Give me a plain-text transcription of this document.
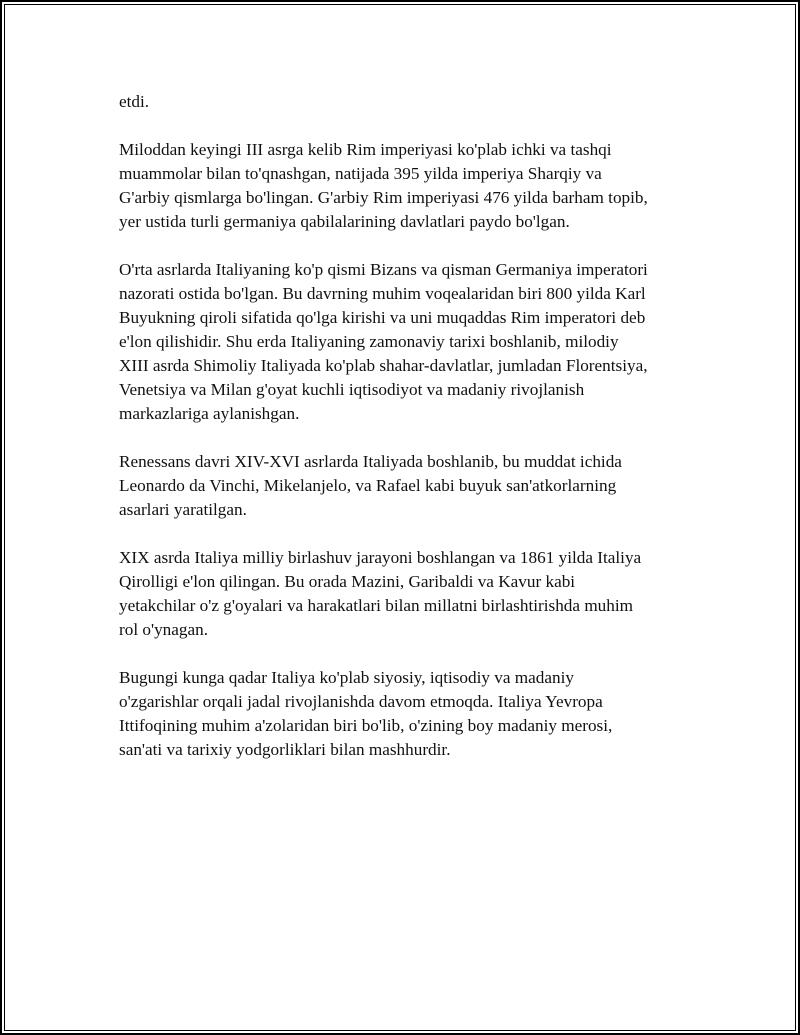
etdi.

Miloddan keyingi III asrga kelib Rim imperiyasi ko'plab ichki va tashqi
muammolar bilan to'qnashgan, natijada 395 yilda imperiya Sharqiy va
G'arbiy qismlarga bo'lingan. G'arbiy Rim imperiyasi 476 yilda barham topib,
yer ustida turli germaniya qabilalarining davlatlari paydo bo'lgan.

O'rta asrlarda Italiyaning ko'p qismi Bizans va qisman Germaniya imperatori
nazorati ostida bo'lgan. Bu davrning muhim voqealaridan biri 800 yilda Karl
Buyukning qiroli sifatida qo'lga kirishi va uni muqaddas Rim imperatori deb
e'lon qilishidir. Shu erda Italiyaning zamonaviy tarixi boshlanib, milodiy
XIII asrda Shimoliy Italiyada ko'plab shahar-davlatlar, jumladan Florentsiya,
Venetsiya va Milan g'oyat kuchli iqtisodiyot va madaniy rivojlanish
markazlariga aylanishgan.

Renessans davri XIV-XVI asrlarda Italiyada boshlanib, bu muddat ichida
Leonardo da Vinchi, Mikelanjelo, va Rafael kabi buyuk san'atkorlarning
asarlari yaratilgan.

XIX asrda Italiya milliy birlashuv jarayoni boshlangan va 1861 yilda Italiya
Qirolligi e'lon qilingan. Bu orada Mazini, Garibaldi va Kavur kabi
yetakchilar o'z g'oyalari va harakatlari bilan millatni birlashtirishda muhim
rol o'ynagan.

Bugungi kunga qadar Italiya ko'plab siyosiy, iqtisodiy va madaniy
o'zgarishlar orqali jadal rivojlanishda davom etmoqda. Italiya Yevropa
Ittifoqining muhim a'zolaridan biri bo'lib, o'zining boy madaniy merosi,
san'ati va tarixiy yodgorliklari bilan mashhurdir.
